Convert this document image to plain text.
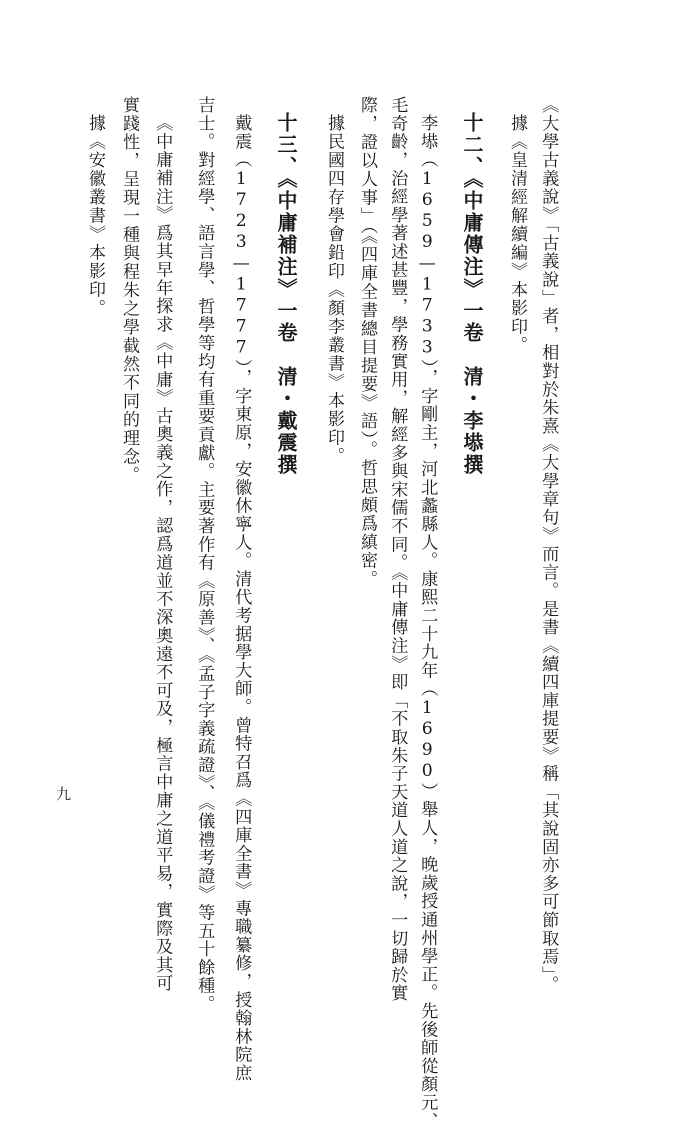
《大學古義說》「古義說」者，相對於朱熹《大學章句》而言。是書《續四庫提要》稱「其說固亦多可節取焉」。
據《皇清經解續編》本影印。
十二、《中庸傳注》一卷　清・李塨撰
李塨（1659—1733），字剛主，河北蠡縣人。康熙二十九年（1690）舉人，晚歲授通州學正。先後師從顏元、
毛奇齡，治經學著述甚豐，學務實用，解經多與宋儒不同。《中庸傳注》即「不取朱子天道人道之說，一切歸於實
際，證以人事」（《四庫全書總目提要》語）。哲思頗爲縝密。
據民國四存學會鉛印《顏李叢書》本影印。
十三、《中庸補注》一卷　清・戴震撰
戴震（1723—1777），字東原，安徽休寧人。清代考据學大師。曾特召爲《四庫全書》專職纂修，授翰林院庶
吉士。對經學、語言學、哲學等均有重要貢獻。主要著作有《原善》、《孟子字義疏證》、《儀禮考證》等五十餘種。
《中庸補注》爲其早年探求《中庸》古奧義之作，認爲道並不深奧遠不可及，極言中庸之道平易，實際及其可
實踐性，呈現一種與程朱之學截然不同的理念。
據《安徽叢書》本影印。
九
